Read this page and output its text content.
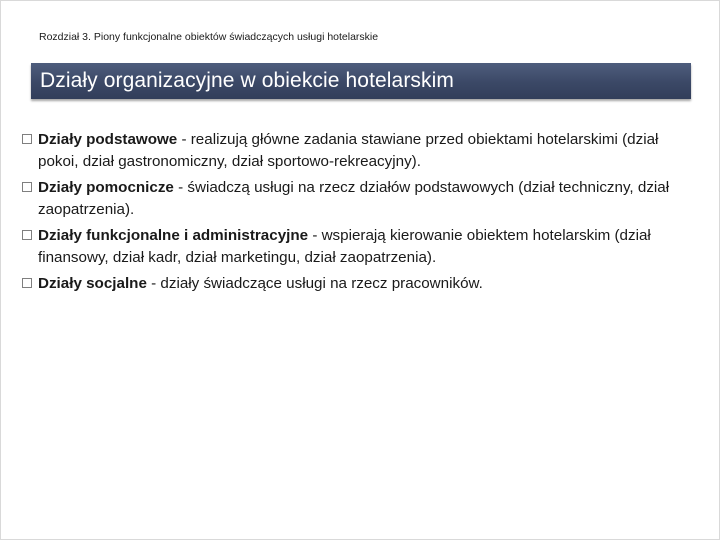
Rozdział 3. Piony funkcjonalne obiektów świadczących usługi hotelarskie
Działy organizacyjne w obiekcie hotelarskim
Działy podstawowe - realizują główne zadania stawiane przed obiektami hotelarskimi (dział pokoi, dział gastronomiczny, dział sportowo-rekreacyjny).
Działy pomocnicze - świadczą usługi na rzecz działów podstawowych (dział techniczny, dział zaopatrzenia).
Działy funkcjonalne i administracyjne - wspierają kierowanie obiektem hotelarskim (dział finansowy, dział kadr, dział marketingu, dział zaopatrzenia).
Działy socjalne - działy świadczące usługi na rzecz pracowników.
